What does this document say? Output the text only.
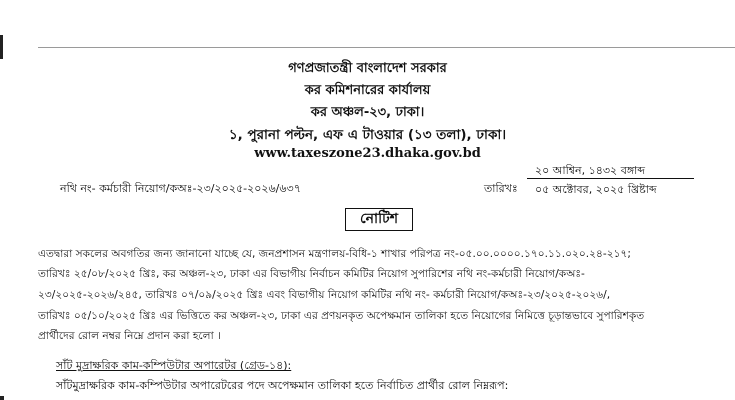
গণপ্রজাতন্ত্রী বাংলাদেশ সরকার
কর কমিশনারের কার্যালয়
কর অঞ্চল-২৩, ঢাকা।
১, পুরানা পল্টন, এফ এ টাওয়ার (১৩ তলা), ঢাকা।
www.taxeszone23.dhaka.gov.bd
২০ আশ্বিন, ১৪৩২ বঙ্গাব্দ
নথি নং- কর্মচারী নিয়োগ/কঅঃ-২৩/২০২৫-২০২৬/৬৩৭	তারিখঃ ০৫ অক্টোবর, ২০২৫ খ্রিষ্টাব্দ
নোটিশ
এতদ্বারা সকলের অবগতির জন্য জানানো যাচ্ছে যে, জনপ্রশাসন মন্ত্রণালয়-বিধি-১ শাখার পরিপত্র নং-০৫.০০.০০০০.১৭০.১১.০২০.২৪-২১৭;
তারিখঃ ২৫/০৮/২০২৫ খ্রিঃ, কর অঞ্চল-২৩, ঢাকা এর বিভাগীয় নির্বাচন কমিটির নিয়োগ সুপারিশের নথি নং-কর্মচারী নিয়োগ/কঅঃ-
২৩/২০২৫-২০২৬/২৪৫, তারিখঃ ০৭/০৯/২০২৫ খ্রিঃ এবং বিভাগীয় নিয়োগ কমিটির নথি নং- কর্মচারী নিয়োগ/কঅঃ-২৩/২০২৫-২০২৬/,
তারিখঃ ০৫/১০/২০২৫ খ্রিঃ এর ভিত্তিতে কর অঞ্চল-২৩, ঢাকা এর প্রণয়নকৃত অপেক্ষমান তালিকা হতে নিয়োগের নিমিত্তে চূড়ান্তভাবে সুপারিশকৃত
প্রার্থীদের রোল নম্বর নিম্নে প্রদান করা হলো ।
সাঁট মুদ্রাক্ষরিক কাম-কম্পিউটার অপারেটর (গ্রেড-১৪):
সাঁটমুদ্রাক্ষরিক কাম-কম্পিউটার অপারেটরের পদে অপেক্ষমান তালিকা হতে নির্বাচিত প্রার্থীর রোল নিম্নরূপ:
